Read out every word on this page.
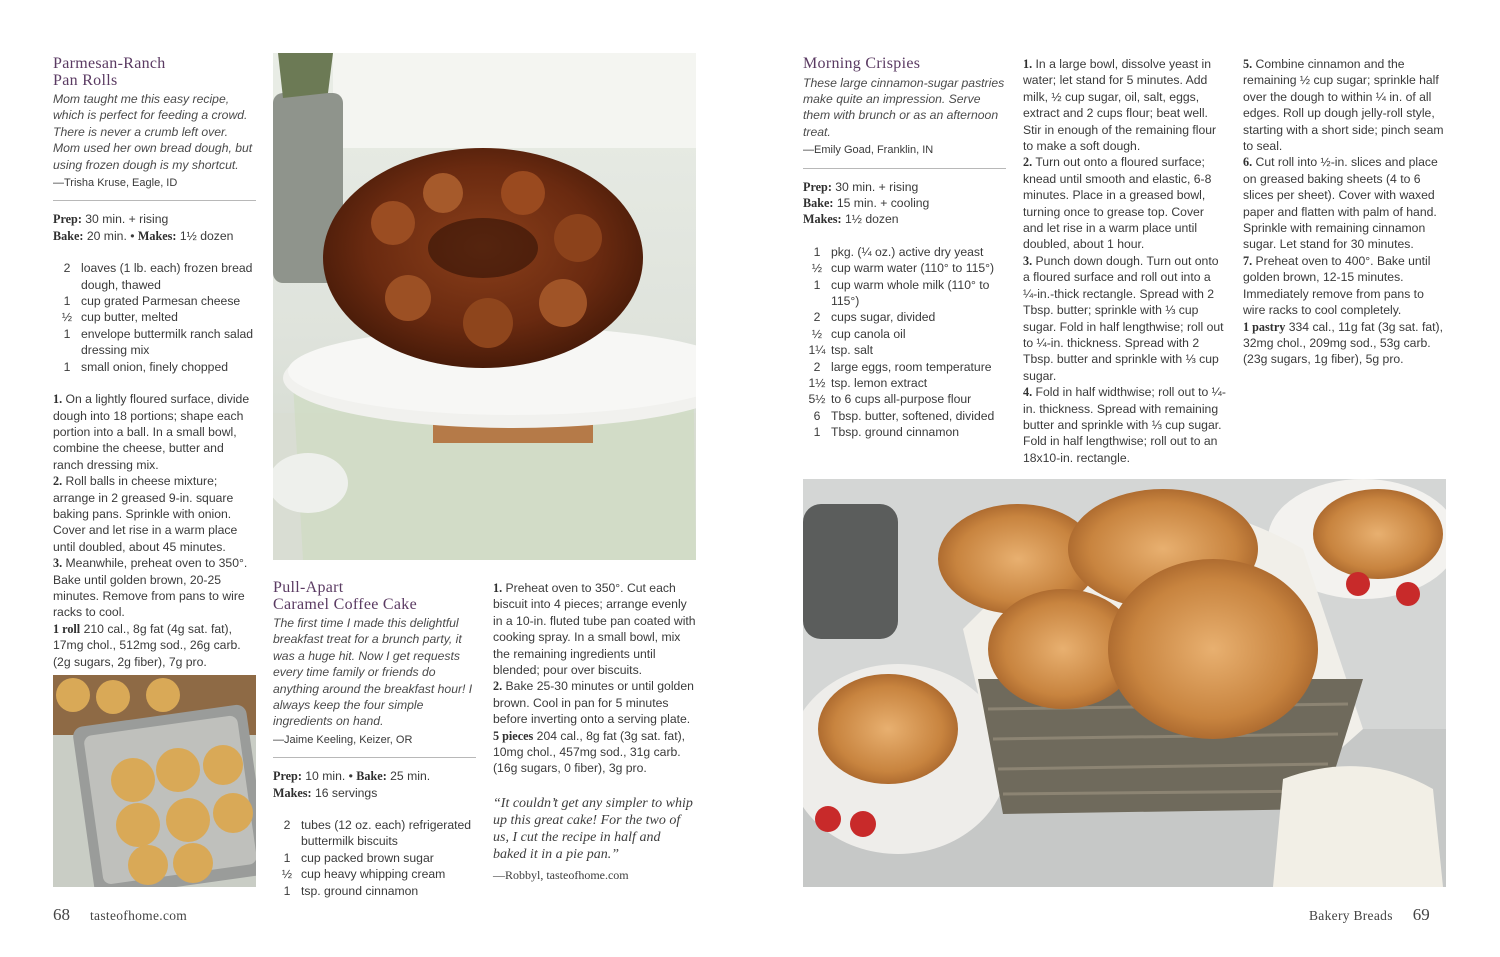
Parmesan-Ranch
Pan Rolls
Mom taught me this easy recipe, which is perfect for feeding a crowd. There is never a crumb left over. Mom used her own bread dough, but using frozen dough is my shortcut.
—Trisha Kruse, Eagle, ID
Prep: 30 min. + rising
Bake: 20 min. • Makes: 1½ dozen
2 loaves (1 lb. each) frozen bread dough, thawed
1 cup grated Parmesan cheese
½ cup butter, melted
1 envelope buttermilk ranch salad dressing mix
1 small onion, finely chopped
1. On a lightly floured surface, divide dough into 18 portions; shape each portion into a ball. In a small bowl, combine the cheese, butter and ranch dressing mix.
2. Roll balls in cheese mixture; arrange in 2 greased 9-in. square baking pans. Sprinkle with onion. Cover and let rise in a warm place until doubled, about 45 minutes.
3. Meanwhile, preheat oven to 350°. Bake until golden brown, 20-25 minutes. Remove from pans to wire racks to cool.
1 roll 210 cal., 8g fat (4g sat. fat), 17mg chol., 512mg sod., 26g carb. (2g sugars, 2g fiber), 7g pro.
Pull-Apart
Caramel Coffee Cake
The first time I made this delightful breakfast treat for a brunch party, it was a huge hit. Now I get requests every time family or friends do anything around the breakfast hour! I always keep the four simple ingredients on hand.
—Jaime Keeling, Keizer, OR
Prep: 10 min. • Bake: 25 min.
Makes: 16 servings
2 tubes (12 oz. each) refrigerated buttermilk biscuits
1 cup packed brown sugar
½ cup heavy whipping cream
1 tsp. ground cinnamon
1. Preheat oven to 350°. Cut each biscuit into 4 pieces; arrange evenly in a 10-in. fluted tube pan coated with cooking spray. In a small bowl, mix the remaining ingredients until blended; pour over biscuits.
2. Bake 25-30 minutes or until golden brown. Cool in pan for 5 minutes before inverting onto a serving plate.
5 pieces 204 cal., 8g fat (3g sat. fat), 10mg chol., 457mg sod., 31g carb. (16g sugars, 0 fiber), 3g pro.
“It couldn’t get any simpler to whip up this great cake! For the two of us, I cut the recipe in half and baked it in a pie pan.”
—Robbyl, tasteofhome.com
68 tasteofhome.com
Morning Crispies
These large cinnamon-sugar pastries make quite an impression. Serve them with brunch or as an afternoon treat.
—Emily Goad, Franklin, IN
Prep: 30 min. + rising
Bake: 15 min. + cooling
Makes: 1½ dozen
1 pkg. (¼ oz.) active dry yeast
½ cup warm water (110° to 115°)
1 cup warm whole milk (110° to 115°)
2 cups sugar, divided
½ cup canola oil
1¼ tsp. salt
2 large eggs, room temperature
1½ tsp. lemon extract
5½ to 6 cups all-purpose flour
6 Tbsp. butter, softened, divided
1 Tbsp. ground cinnamon
1. In a large bowl, dissolve yeast in water; let stand for 5 minutes. Add milk, ½ cup sugar, oil, salt, eggs, extract and 2 cups flour; beat well. Stir in enough of the remaining flour to make a soft dough.
2. Turn out onto a floured surface; knead until smooth and elastic, 6-8 minutes. Place in a greased bowl, turning once to grease top. Cover and let rise in a warm place until doubled, about 1 hour.
3. Punch down dough. Turn out onto a floured surface and roll out into a ¼-in.-thick rectangle. Spread with 2 Tbsp. butter; sprinkle with ⅓ cup sugar. Fold in half lengthwise; roll out to ¼-in. thickness. Spread with 2 Tbsp. butter and sprinkle with ⅓ cup sugar.
4. Fold in half widthwise; roll out to ¼-in. thickness. Spread with remaining butter and sprinkle with ⅓ cup sugar. Fold in half lengthwise; roll out to an 18x10-in. rectangle.
5. Combine cinnamon and the remaining ½ cup sugar; sprinkle half over the dough to within ¼ in. of all edges. Roll up dough jelly-roll style, starting with a short side; pinch seam to seal.
6. Cut roll into ½-in. slices and place on greased baking sheets (4 to 6 slices per sheet). Cover with waxed paper and flatten with palm of hand. Sprinkle with remaining cinnamon sugar. Let stand for 30 minutes.
7. Preheat oven to 400°. Bake until golden brown, 12-15 minutes. Immediately remove from pans to wire racks to cool completely.
1 pastry 334 cal., 11g fat (3g sat. fat), 32mg chol., 209mg sod., 53g carb. (23g sugars, 1g fiber), 5g pro.
Bakery Breads 69
